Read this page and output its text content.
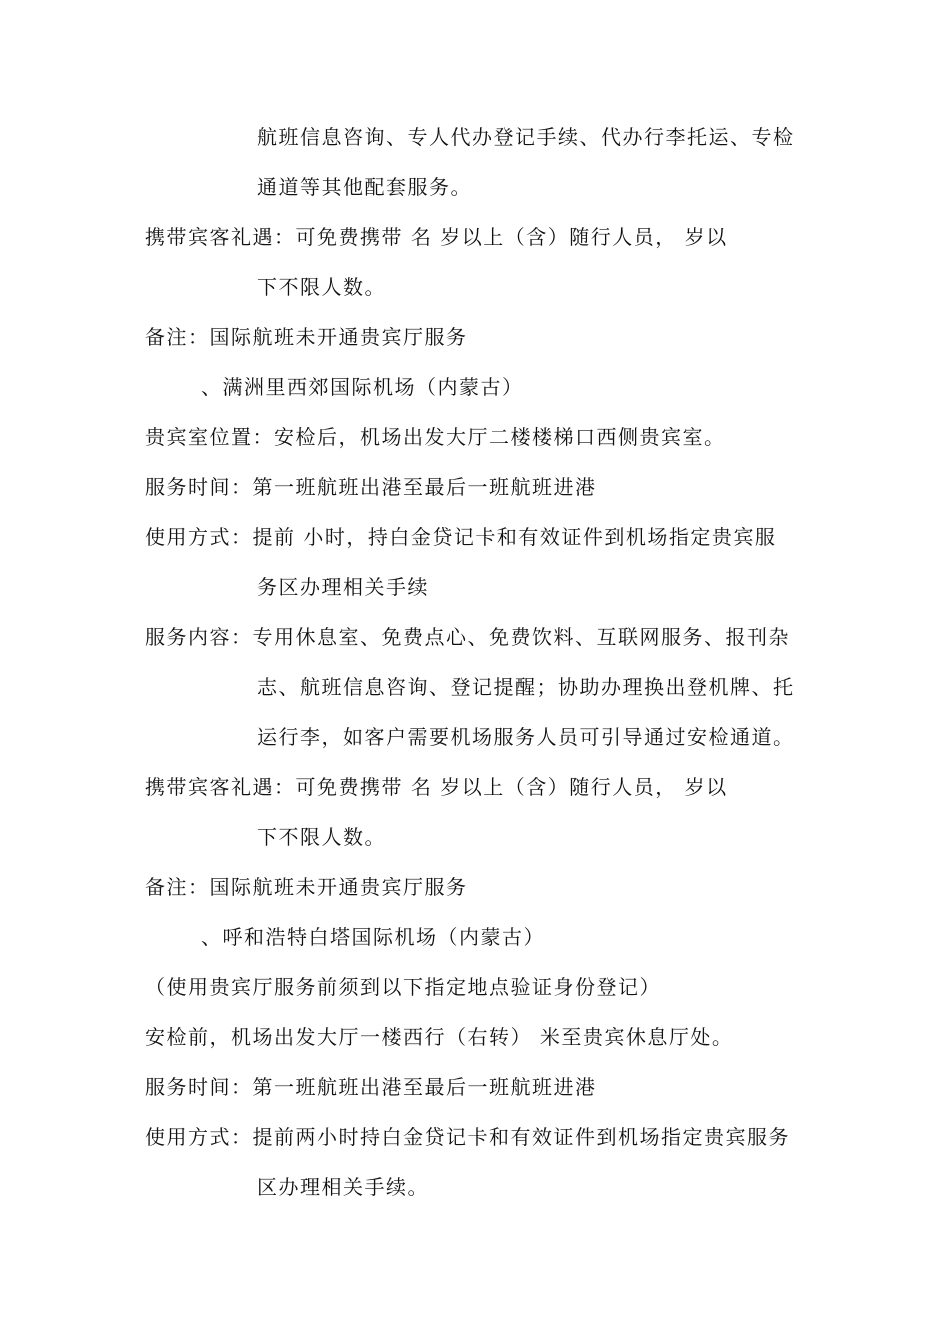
航班信息咨询、专人代办登记手续、代办行李托运、专检
通道等其他配套服务。
携带宾客礼遇：可免费携带 名 岁以上（含）随行人员， 岁以
下不限人数。
备注：国际航班未开通贵宾厅服务
、满洲里西郊国际机场（内蒙古）
贵宾室位置：安检后，机场出发大厅二楼楼梯口西侧贵宾室。
服务时间：第一班航班出港至最后一班航班进港
使用方式：提前 小时，持白金贷记卡和有效证件到机场指定贵宾服
务区办理相关手续
服务内容：专用休息室、免费点心、免费饮料、互联网服务、报刊杂
志、航班信息咨询、登记提醒；协助办理换出登机牌、托
运行李，如客户需要机场服务人员可引导通过安检通道。
携带宾客礼遇：可免费携带 名 岁以上（含）随行人员， 岁以
下不限人数。
备注：国际航班未开通贵宾厅服务
、呼和浩特白塔国际机场（内蒙古）
（使用贵宾厅服务前须到以下指定地点验证身份登记）
安检前，机场出发大厅一楼西行（右转） 米至贵宾休息厅处。
服务时间：第一班航班出港至最后一班航班进港
使用方式：提前两小时持白金贷记卡和有效证件到机场指定贵宾服务
区办理相关手续。
